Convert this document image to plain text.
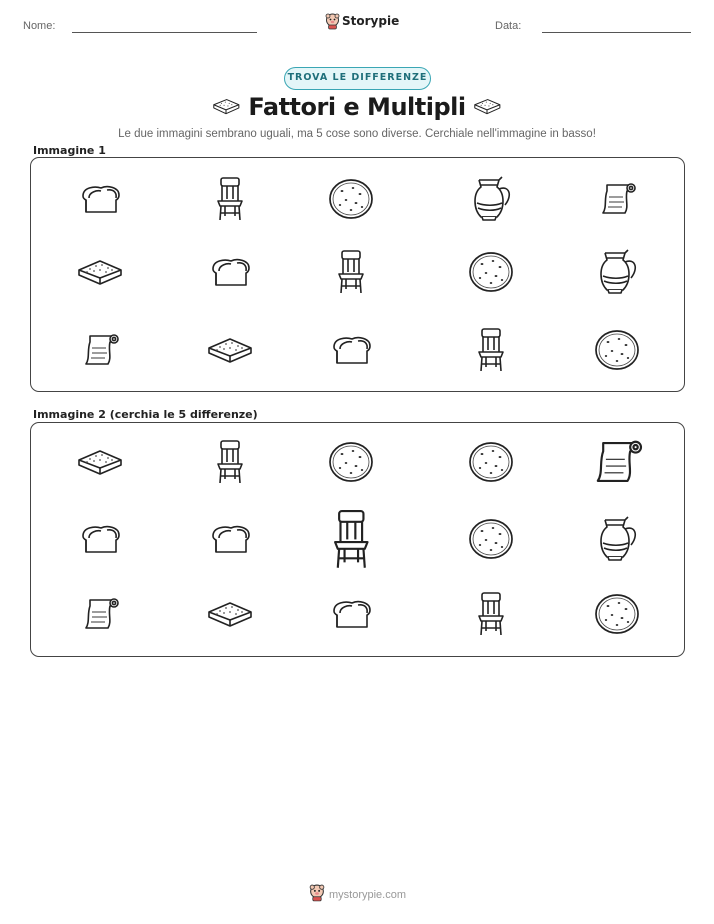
Nome:	Storypie	Data:
TROVA LE DIFFERENZE
Fattori e Multipli
Le due immagini sembrano uguali, ma 5 cose sono diverse. Cerchiale nell'immagine in basso!
Immagine 1
Immagine 2 (cerchia le 5 differenze)
mystorypie.com
